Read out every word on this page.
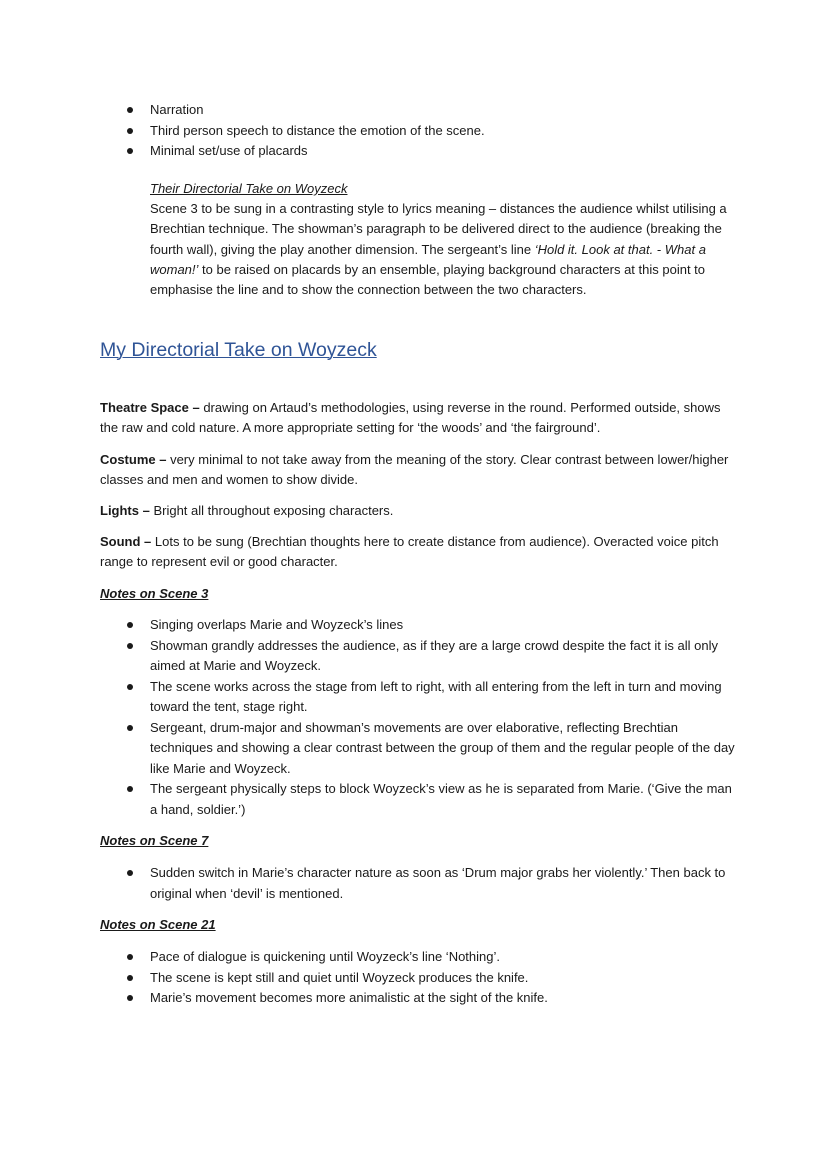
Narration
Third person speech to distance the emotion of the scene.
Minimal set/use of placards
Their Directorial Take on Woyzeck
Scene 3 to be sung in a contrasting style to lyrics meaning – distances the audience whilst utilising a Brechtian technique. The showman’s paragraph to be delivered direct to the audience (breaking the fourth wall), giving the play another dimension. The sergeant’s line ‘Hold it. Look at that. - What a woman!’ to be raised on placards by an ensemble, playing background characters at this point to emphasise the line and to show the connection between the two characters.
My Directorial Take on Woyzeck

Theatre Space – drawing on Artaud’s methodologies, using reverse in the round. Performed outside, shows the raw and cold nature. A more appropriate setting for ‘the woods’ and ‘the fairground’.

Costume – very minimal to not take away from the meaning of the story. Clear contrast between lower/higher classes and men and women to show divide.

Lights – Bright all throughout exposing characters.

Sound – Lots to be sung (Brechtian thoughts here to create distance from audience). Overacted voice pitch range to represent evil or good character.

Notes on Scene 3
Singing overlaps Marie and Woyzeck’s lines
Showman grandly addresses the audience, as if they are a large crowd despite the fact it is all only aimed at Marie and Woyzeck.
The scene works across the stage from left to right, with all entering from the left in turn and moving toward the tent, stage right.
Sergeant, drum-major and showman’s movements are over elaborative, reflecting Brechtian techniques and showing a clear contrast between the group of them and the regular people of the day like Marie and Woyzeck.
The sergeant physically steps to block Woyzeck’s view as he is separated from Marie. (‘Give the man a hand, soldier.’)
Notes on Scene 7
Sudden switch in Marie’s character nature as soon as ‘Drum major grabs her violently.’ Then back to original when ‘devil’ is mentioned.
Notes on Scene 21
Pace of dialogue is quickening until Woyzeck’s line ‘Nothing’.
The scene is kept still and quiet until Woyzeck produces the knife.
Marie’s movement becomes more animalistic at the sight of the knife.
